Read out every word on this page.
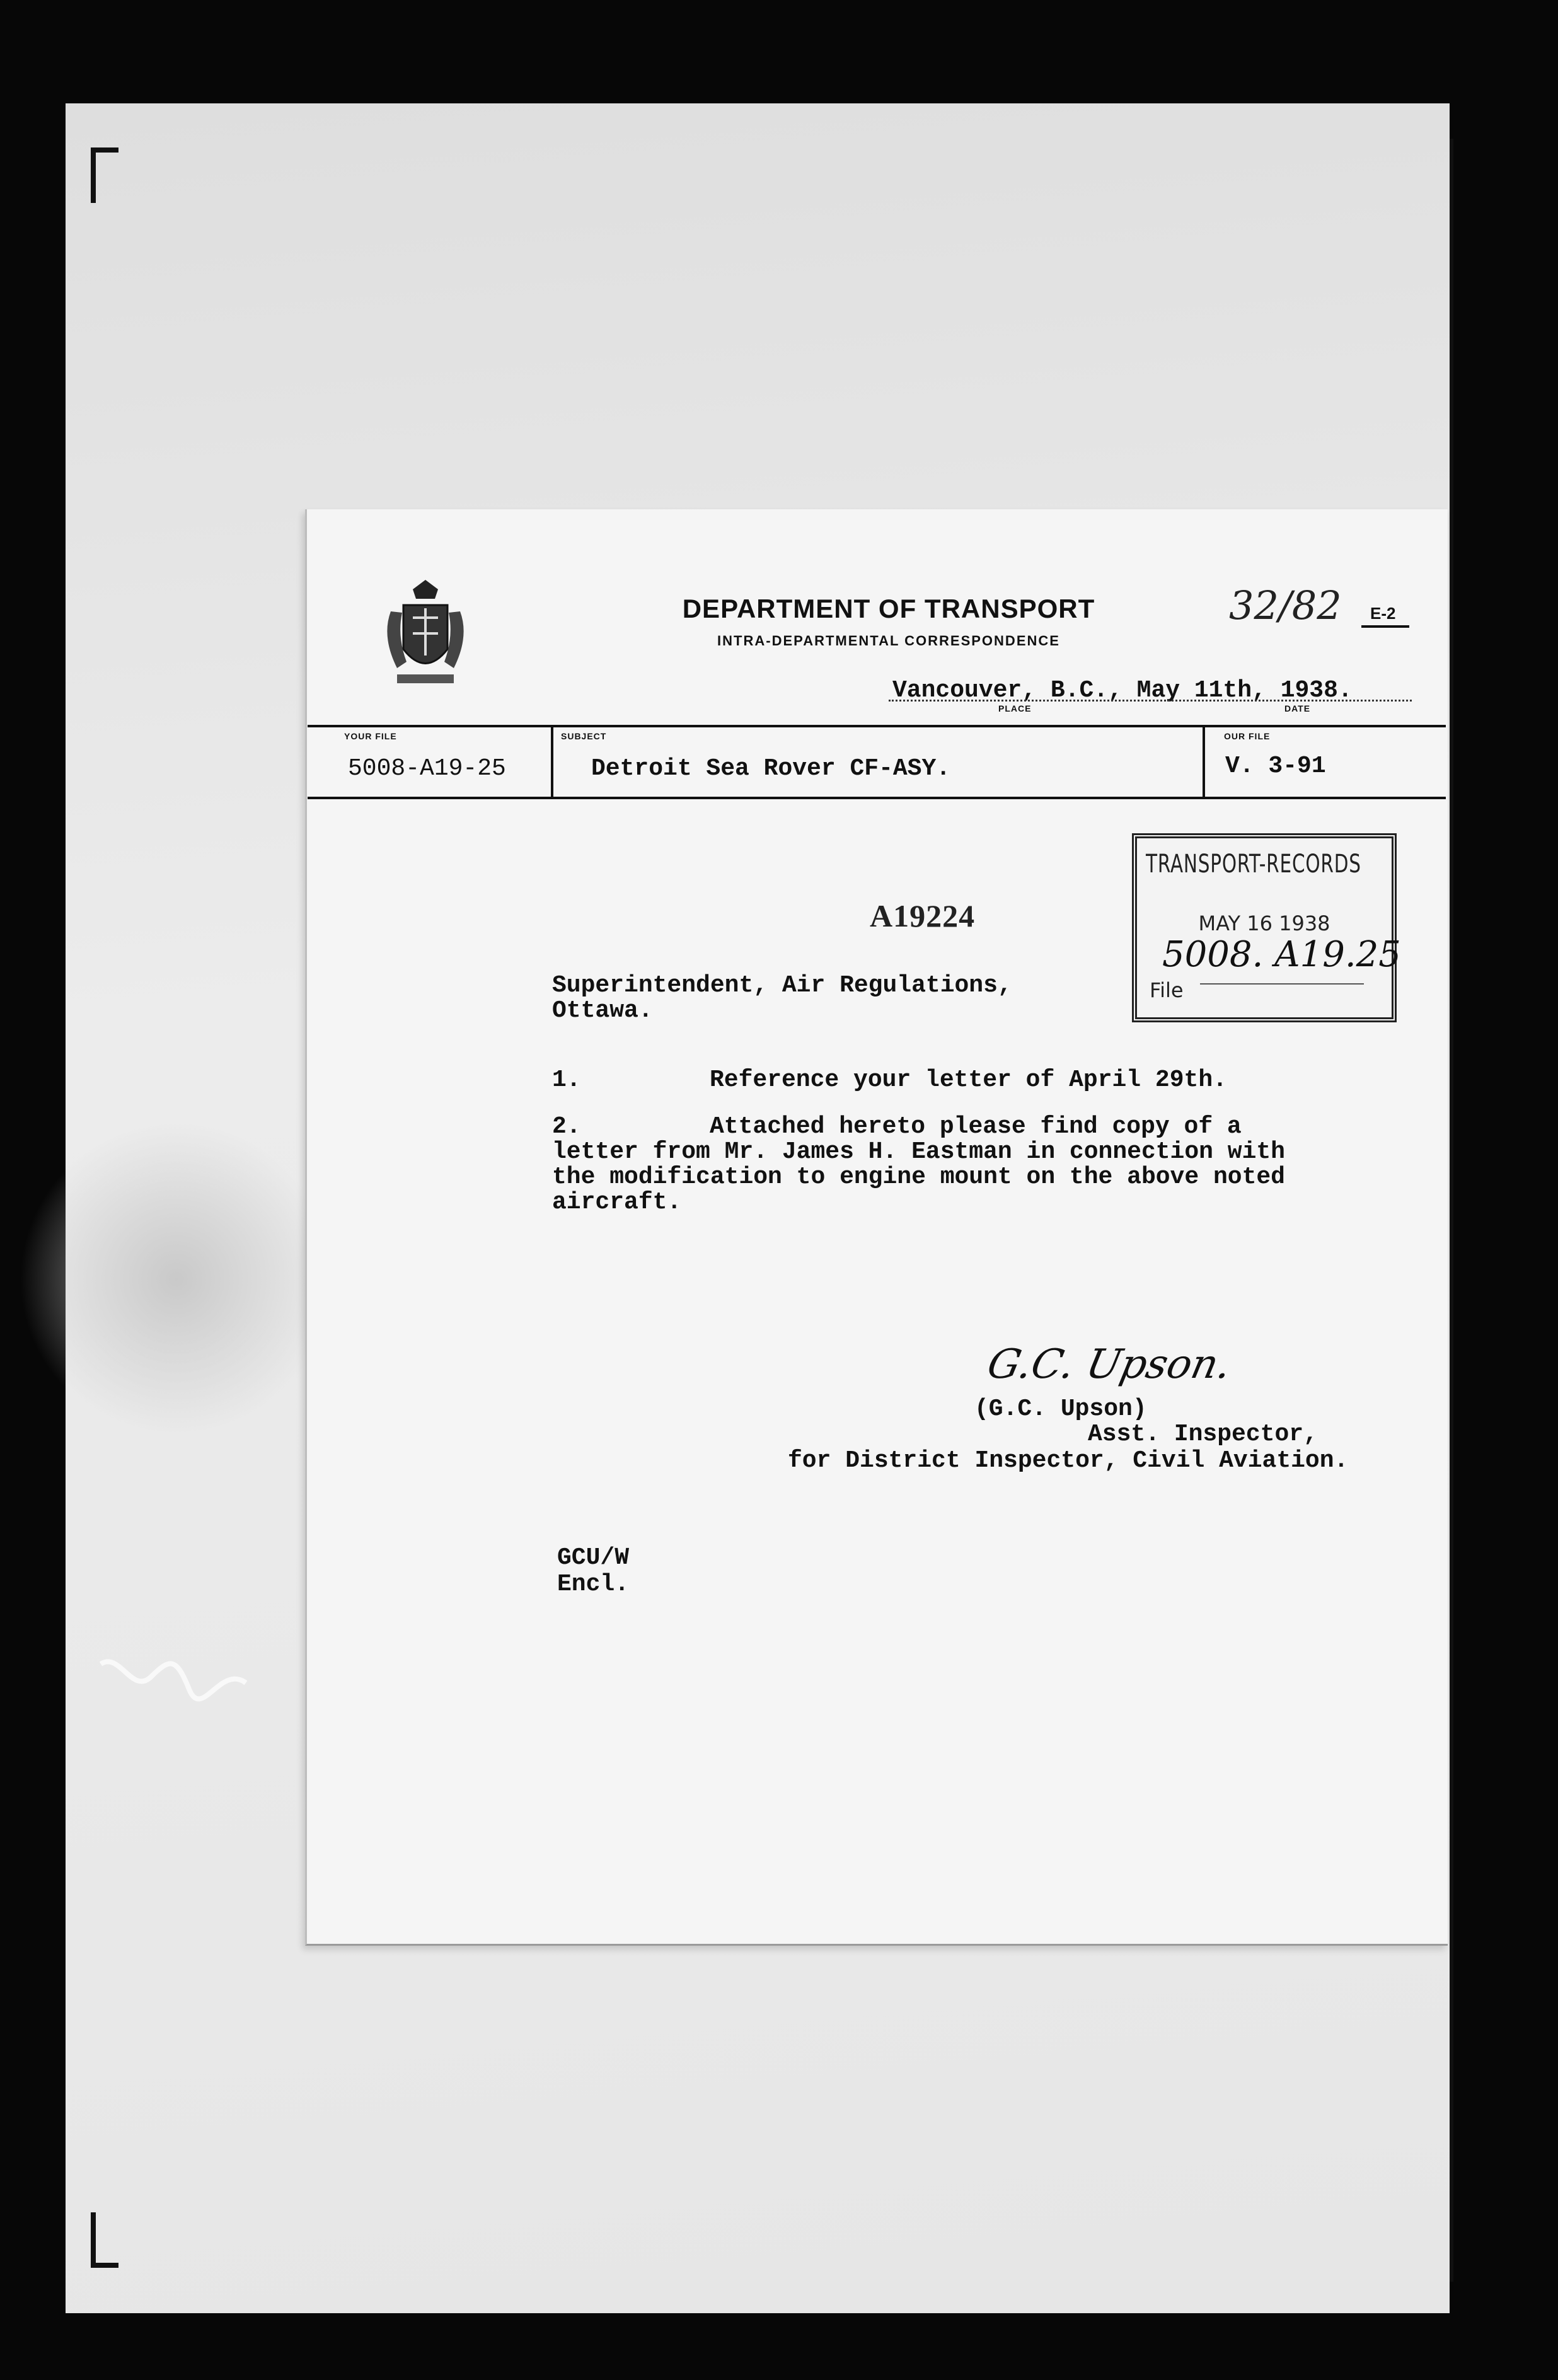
DEPARTMENT OF TRANSPORT
INTRA-DEPARTMENTAL CORRESPONDENCE
32/82 E-2
Vancouver, B.C., May 11th, 1938.
PLACE	DATE
YOUR FILE
5008-A19-25
SUBJECT
Detroit Sea Rover CF-ASY.
OUR FILE
V. 3-91
TRANSPORT-RECORDS
MAY 16 1938
5008. A19.25
File
A19224
Superintendent, Air Regulations,
Ottawa.
1.	Reference your letter of April 29th.
2.	Attached hereto please find copy of a
letter from Mr. James H. Eastman in connection with
the modification to engine mount on the above noted
aircraft.
G.C. Upson.
(G.C. Upson)
Asst. Inspector,
for District Inspector, Civil Aviation.
GCU/W
Encl.
